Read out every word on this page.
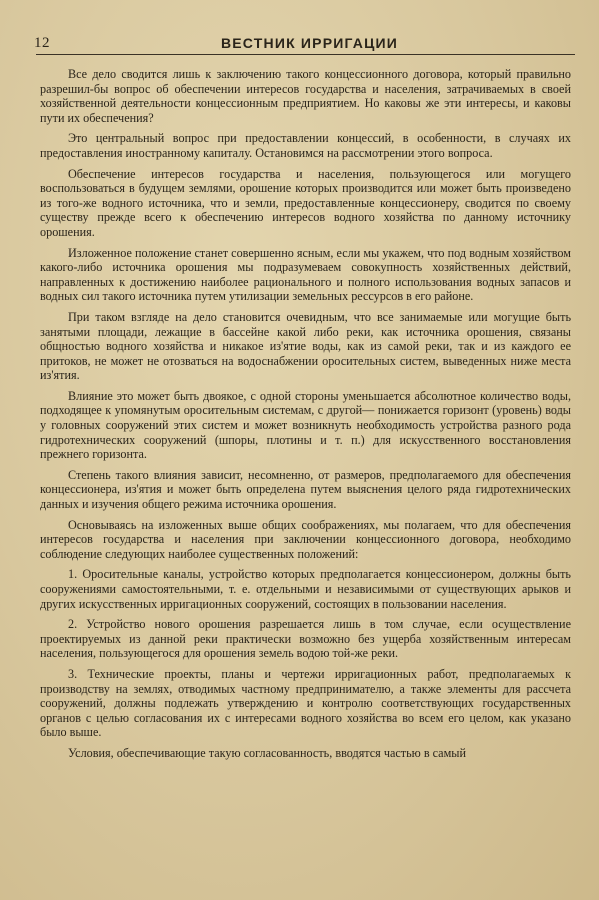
12	ВЕСТНИК ИРРИГАЦИИ

Все дело сводится лишь к заключению такого концессионного договора, который правильно разрешил-бы вопрос об обеспечении интересов государства и населения, затрачиваемых в своей хозяйственной деятельности концессионным предприятием. Но каковы же эти интересы, и каковы пути их обеспечения?

Это центральный вопрос при предоставлении концессий, в особенности, в случаях их предоставления иностранному капиталу. Остановимся на рассмотрении этого вопроса.

Обеспечение интересов государства и населения, пользующегося или могущего воспользоваться в будущем землями, орошение которых производится или может быть произведено из того-же водного источника, что и земли, предоставленные концессионеру, сводится по своему существу прежде всего к обеспечению интересов водного хозяйства по данному источнику орошения.

Изложенное положение станет совершенно ясным, если мы укажем, что под водным хозяйством какого-либо источника орошения мы подразумеваем совокупность хозяйственных действий, направленных к достижению наиболее рационального и полного использования водных запасов и водных сил такого источника путем утилизации земельных рессурсов в его районе.

При таком взгляде на дело становится очевидным, что все занимаемые или могущие быть занятыми площади, лежащие в бассейне какой либо реки, как источника орошения, связаны общностью водного хозяйства и никакое из'ятие воды, как из самой реки, так и из каждого ее притоков, не может не отозваться на водоснабжении оросительных систем, выведенных ниже места из'ятия.

Влияние это может быть двоякое, с одной стороны уменьшается абсолютное количество воды, подходящее к упомянутым оросительным системам, с другой— понижается горизонт (уровень) воды у головных сооружений этих систем и может возникнуть необходимость устройства разного рода гидротехнических сооружений (шпоры, плотины и т. п.) для искусственного восстановления прежнего горизонта.

Степень такого влияния зависит, несомненно, от размеров, предполагаемого для обеспечения концессионера, из'ятия и может быть определена путем выяснения целого ряда гидротехнических данных и изучения общего режима источника орошения.

Основываясь на изложенных выше общих соображениях, мы полагаем, что для обеспечения интересов государства и населения при заключении концессионного договора, необходимо соблюдение следующих наиболее существенных положений:

1. Оросительные каналы, устройство которых предполагается концессионером, должны быть сооружениями самостоятельными, т. е. отдельными и независимыми от существующих арыков и других искусственных ирригационных сооружений, состоящих в пользовании населения.

2. Устройство нового орошения разрешается лишь в том случае, если осуществление проектируемых из данной реки практически возможно без ущерба хозяйственным интересам населения, пользующегося для орошения земель водою той-же реки.

3. Технические проекты, планы и чертежи ирригационных работ, предполагаемых к производству на землях, отводимых частному предпринимателю, а также элементы для рассчета сооружений, должны подлежать утверждению и контролю соответствующих государственных органов с целью согласования их с интересами водного хозяйства во всем его целом, как указано было выше.

Условия, обеспечивающие такую согласованность, вводятся частью в самый
